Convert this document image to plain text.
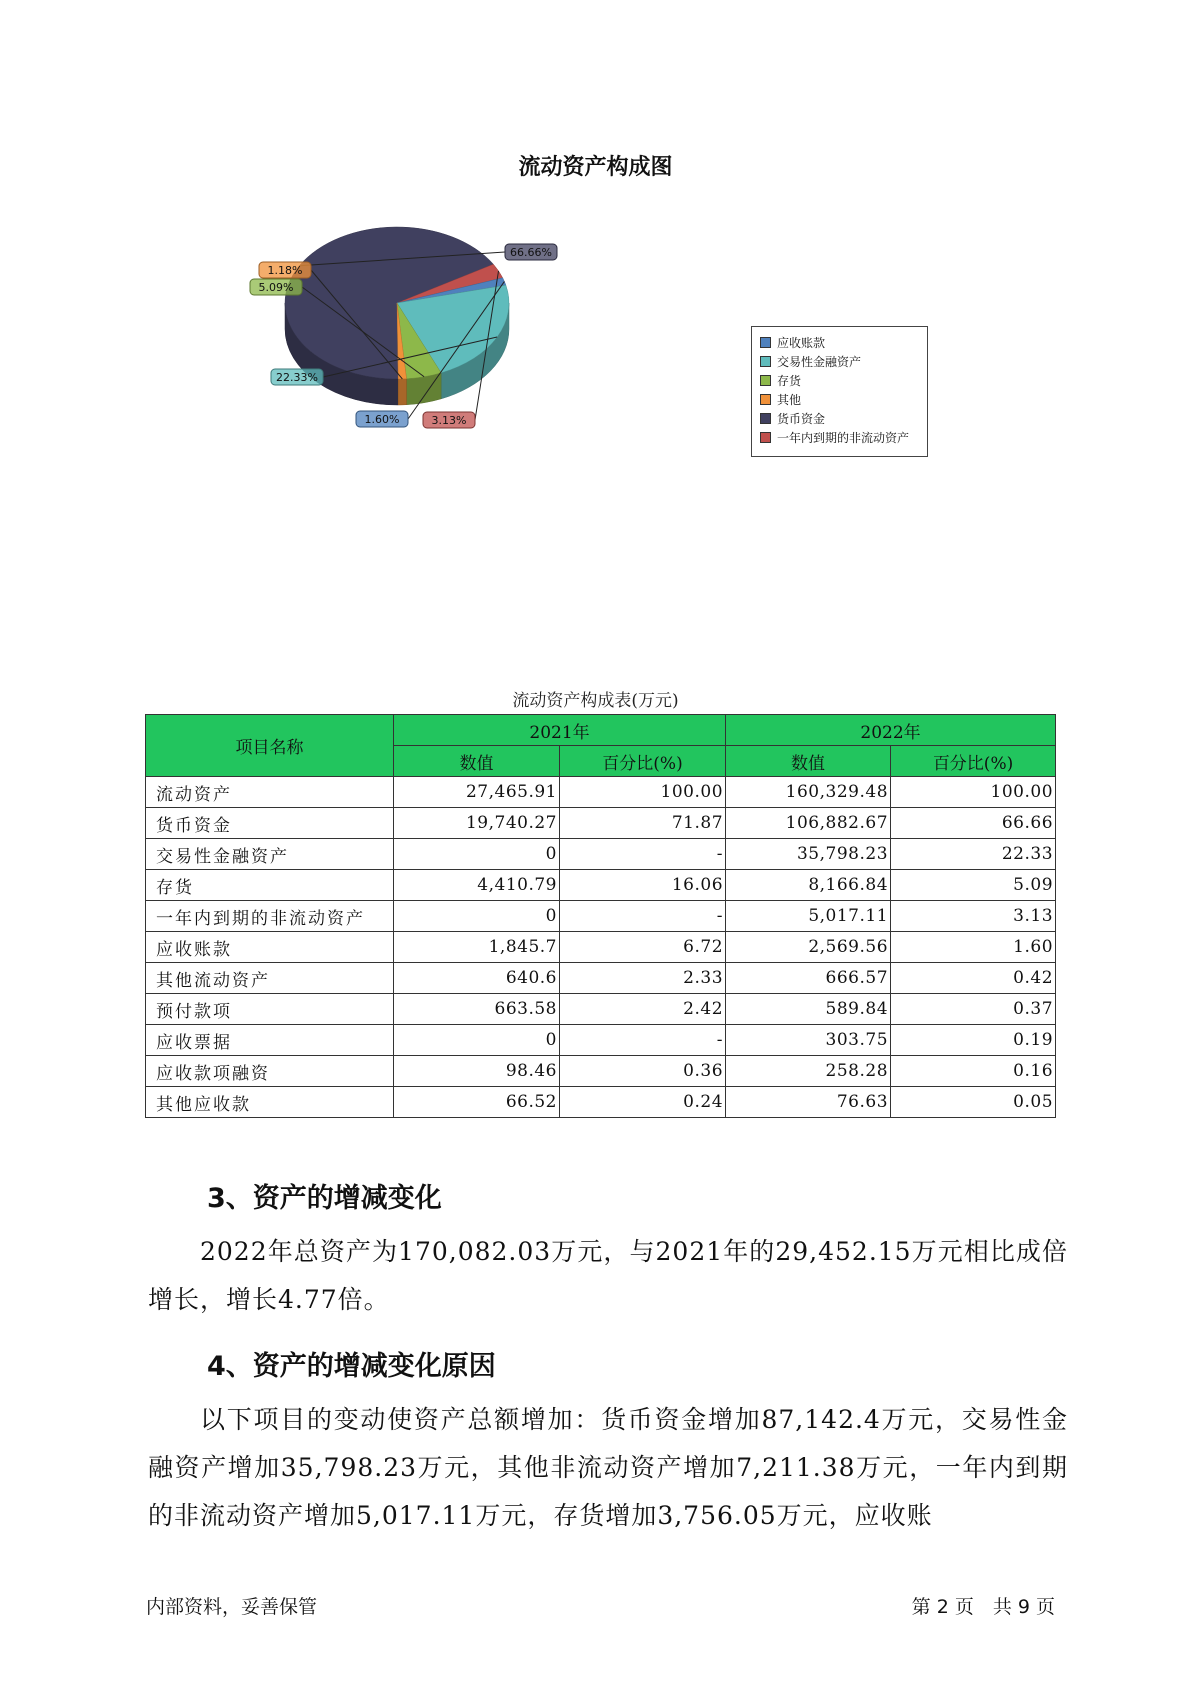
流动资产构成图
66.66%
3.13%
1.60%
22.33%
5.09%
1.18%
应收账款
交易性金融资产
存货
其他
货币资金
一年内到期的非流动资产
流动资产构成表(万元)
项目名称	2021年		2022年	
	数值	百分比(%)	数值	百分比(%)
流动资产	27,465.91	100.00	160,329.48	100.00
货币资金	19,740.27	71.87	106,882.67	66.66
交易性金融资产	0	-	35,798.23	22.33
存货	4,410.79	16.06	8,166.84	5.09
一年内到期的非流动资产	0	-	5,017.11	3.13
应收账款	1,845.7	6.72	2,569.56	1.60
其他流动资产	640.6	2.33	666.57	0.42
预付款项	663.58	2.42	589.84	0.37
应收票据	0	-	303.75	0.19
应收款项融资	98.46	0.36	258.28	0.16
其他应收款	66.52	0.24	76.63	0.05
3、资产的增减变化

2022年总资产为170,082.03万元，与2021年的29,452.15万元相比成倍增长，增长4.77倍。

4、资产的增减变化原因

以下项目的变动使资产总额增加：货币资金增加87,142.4万元，交易性金融资产增加35,798.23万元，其他非流动资产增加7,211.38万元，一年内到期的非流动资产增加5,017.11万元，存货增加3,756.05万元，应收账

内部资料，妥善保管	第 2 页　共 9 页
